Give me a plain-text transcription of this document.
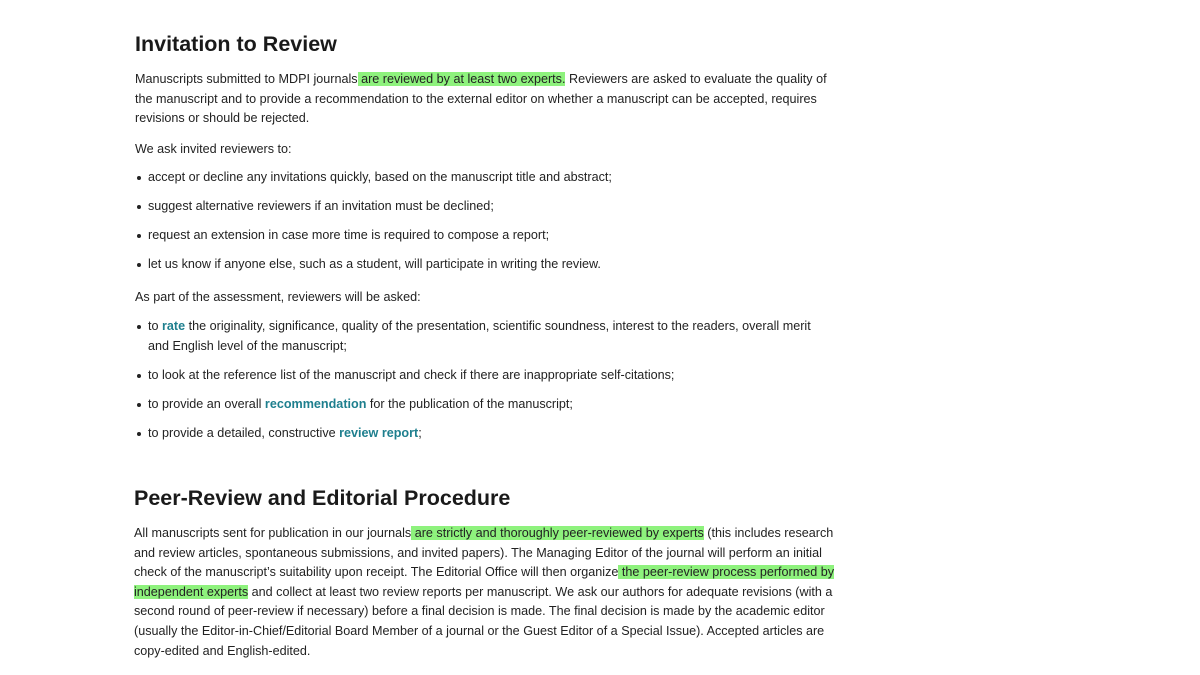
Invitation to Review

Manuscripts submitted to MDPI journals are reviewed by at least two experts. Reviewers are asked to evaluate the quality of the manuscript and to provide a recommendation to the external editor on whether a manuscript can be accepted, requires revisions or should be rejected.

We ask invited reviewers to:

accept or decline any invitations quickly, based on the manuscript title and abstract;
suggest alternative reviewers if an invitation must be declined;
request an extension in case more time is required to compose a report;
let us know if anyone else, such as a student, will participate in writing the review.

As part of the assessment, reviewers will be asked:

to rate the originality, significance, quality of the presentation, scientific soundness, interest to the readers, overall merit and English level of the manuscript;
to look at the reference list of the manuscript and check if there are inappropriate self-citations;
to provide an overall recommendation for the publication of the manuscript;
to provide a detailed, constructive review report;
Peer-Review and Editorial Procedure

All manuscripts sent for publication in our journals are strictly and thoroughly peer-reviewed by experts (this includes research and review articles, spontaneous submissions, and invited papers). The Managing Editor of the journal will perform an initial check of the manuscript’s suitability upon receipt. The Editorial Office will then organize the peer-review process performed by independent experts and collect at least two review reports per manuscript. We ask our authors for adequate revisions (with a second round of peer-review if necessary) before a final decision is made. The final decision is made by the academic editor (usually the Editor-in-Chief/Editorial Board Member of a journal or the Guest Editor of a Special Issue). Accepted articles are copy-edited and English-edited.
